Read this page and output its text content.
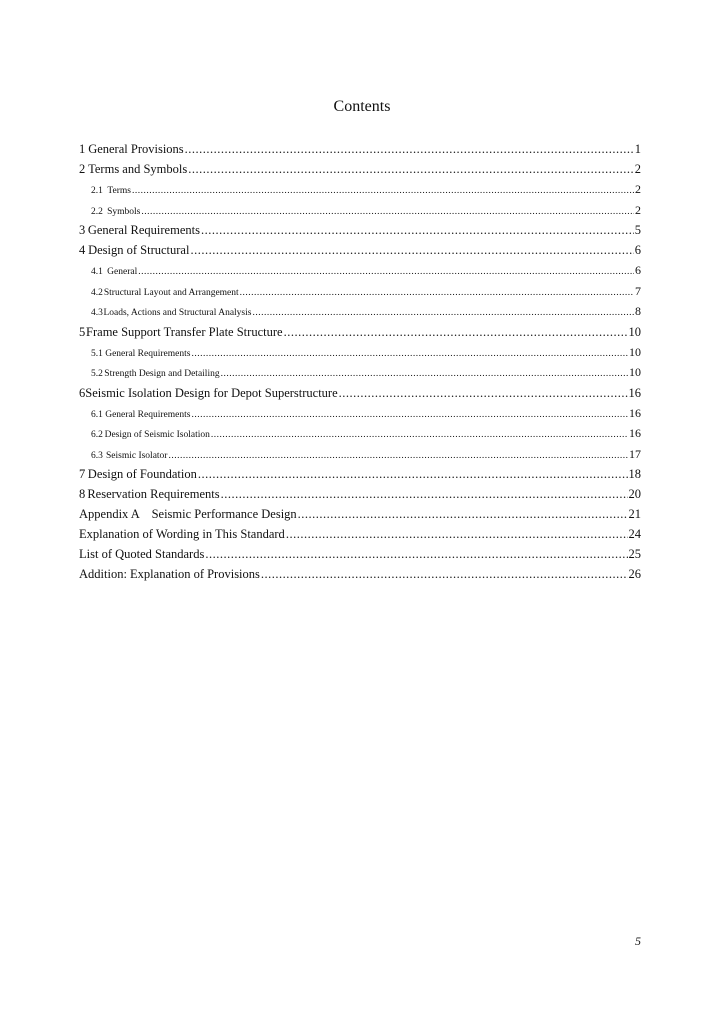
Contents
1 General Provisions .....	1
2 Terms and Symbols .....	2
2.1 Terms .....	2
2.2 Symbols .....	2
3 General Requirements .....	5
4 Design of Structural .....	6
4.1 General .....	6
4.2 Structural Layout and Arrangement .....	7
4.3 Loads, Actions and Structural Analysis .....	8
5 Frame Support Transfer Plate Structure .....	10
5.1 General Requirements .....	10
5.2 Strength Design and Detailing .....	10
6 Seismic Isolation Design for Depot Superstructure .....	16
6.1 General Requirements .....	16
6.2 Design of Seismic Isolation .....	16
6.3 Seismic Isolator .....	17
7 Design of Foundation .....	18
8 Reservation Requirements .....	20
Appendix A    Seismic Performance Design .....	21
Explanation of Wording in This Standard .....	24
List of Quoted Standards .....	25
Addition: Explanation of Provisions .....	26
5
